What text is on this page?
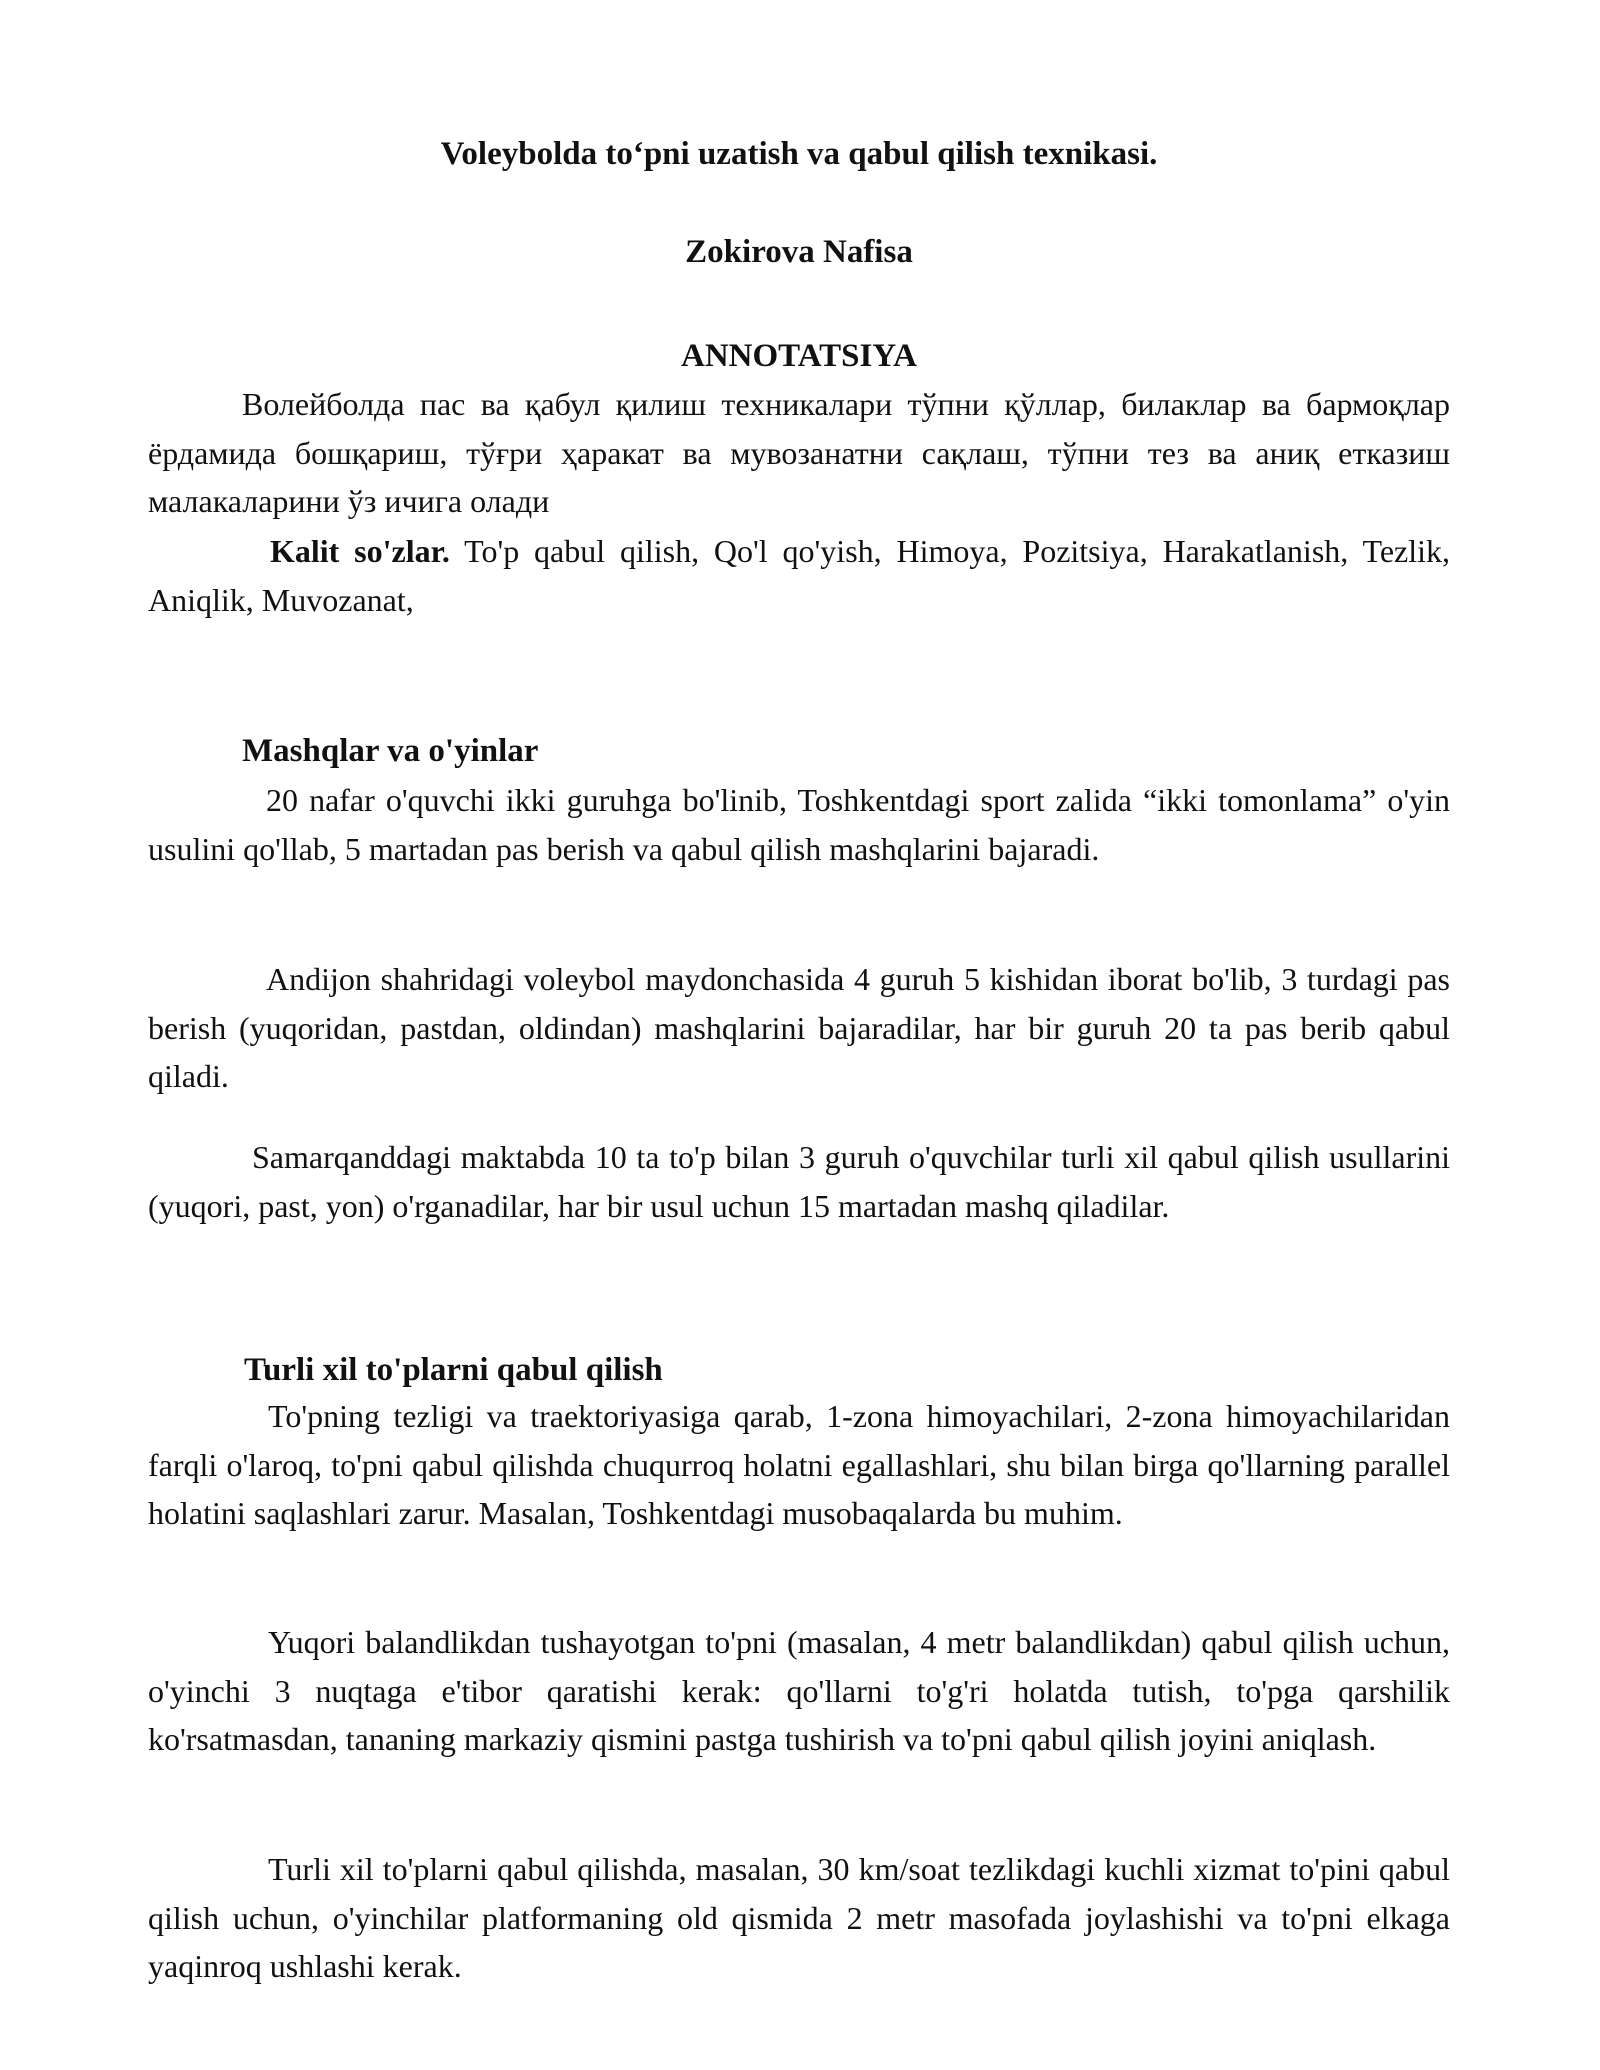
Voleybolda to‘pni uzatish va qabul qilish texnikasi.
Zokirova Nafisa
ANNOTATSIYA
Волейболда пас ва қабул қилиш техникалари тўпни қўллар, билаклар ва бармоқлар ёрдамида бошқариш, тўғри ҳаракат ва мувозанатни сақлаш, тўпни тез ва аниқ етказиш малакаларини ўз ичига олади
Kalit so'zlar. To'p qabul qilish, Qo'l qo'yish, Himoya, Pozitsiya, Harakatlanish, Tezlik, Aniqlik, Muvozanat,
Mashqlar va o'yinlar
20 nafar o'quvchi ikki guruhga bo'linib, Toshkentdagi sport zalida “ikki tomonlama” o'yin usulini qo'llab, 5 martadan pas berish va qabul qilish mashqlarini bajaradi.
Andijon shahridagi voleybol maydonchasida 4 guruh 5 kishidan iborat bo'lib, 3 turdagi pas berish (yuqoridan, pastdan, oldindan) mashqlarini bajaradilar, har bir guruh 20 ta pas berib qabul qiladi.
Samarqanddagi maktabda 10 ta to'p bilan 3 guruh o'quvchilar turli xil qabul qilish usullarini (yuqori, past, yon) o'rganadilar, har bir usul uchun 15 martadan mashq qiladilar.
Turli xil to'plarni qabul qilish
To'pning tezligi va traektoriyasiga qarab, 1-zona himoyachilari, 2-zona himoyachilaridan farqli o'laroq, to'pni qabul qilishda chuqurroq holatni egallashlari, shu bilan birga qo'llarning parallel holatini saqlashlari zarur. Masalan, Toshkentdagi musobaqalarda bu muhim.
Yuqori balandlikdan tushayotgan to'pni (masalan, 4 metr balandlikdan) qabul qilish uchun, o'yinchi 3 nuqtaga e'tibor qaratishi kerak: qo'llarni to'g'ri holatda tutish, to'pga qarshilik ko'rsatmasdan, tananing markaziy qismini pastga tushirish va to'pni qabul qilish joyini aniqlash.
Turli xil to'plarni qabul qilishda, masalan, 30 km/soat tezlikdagi kuchli xizmat to'pini qabul qilish uchun, o'yinchilar platformaning old qismida 2 metr masofada joylashishi va to'pni elkaga yaqinroq ushlashi kerak.
